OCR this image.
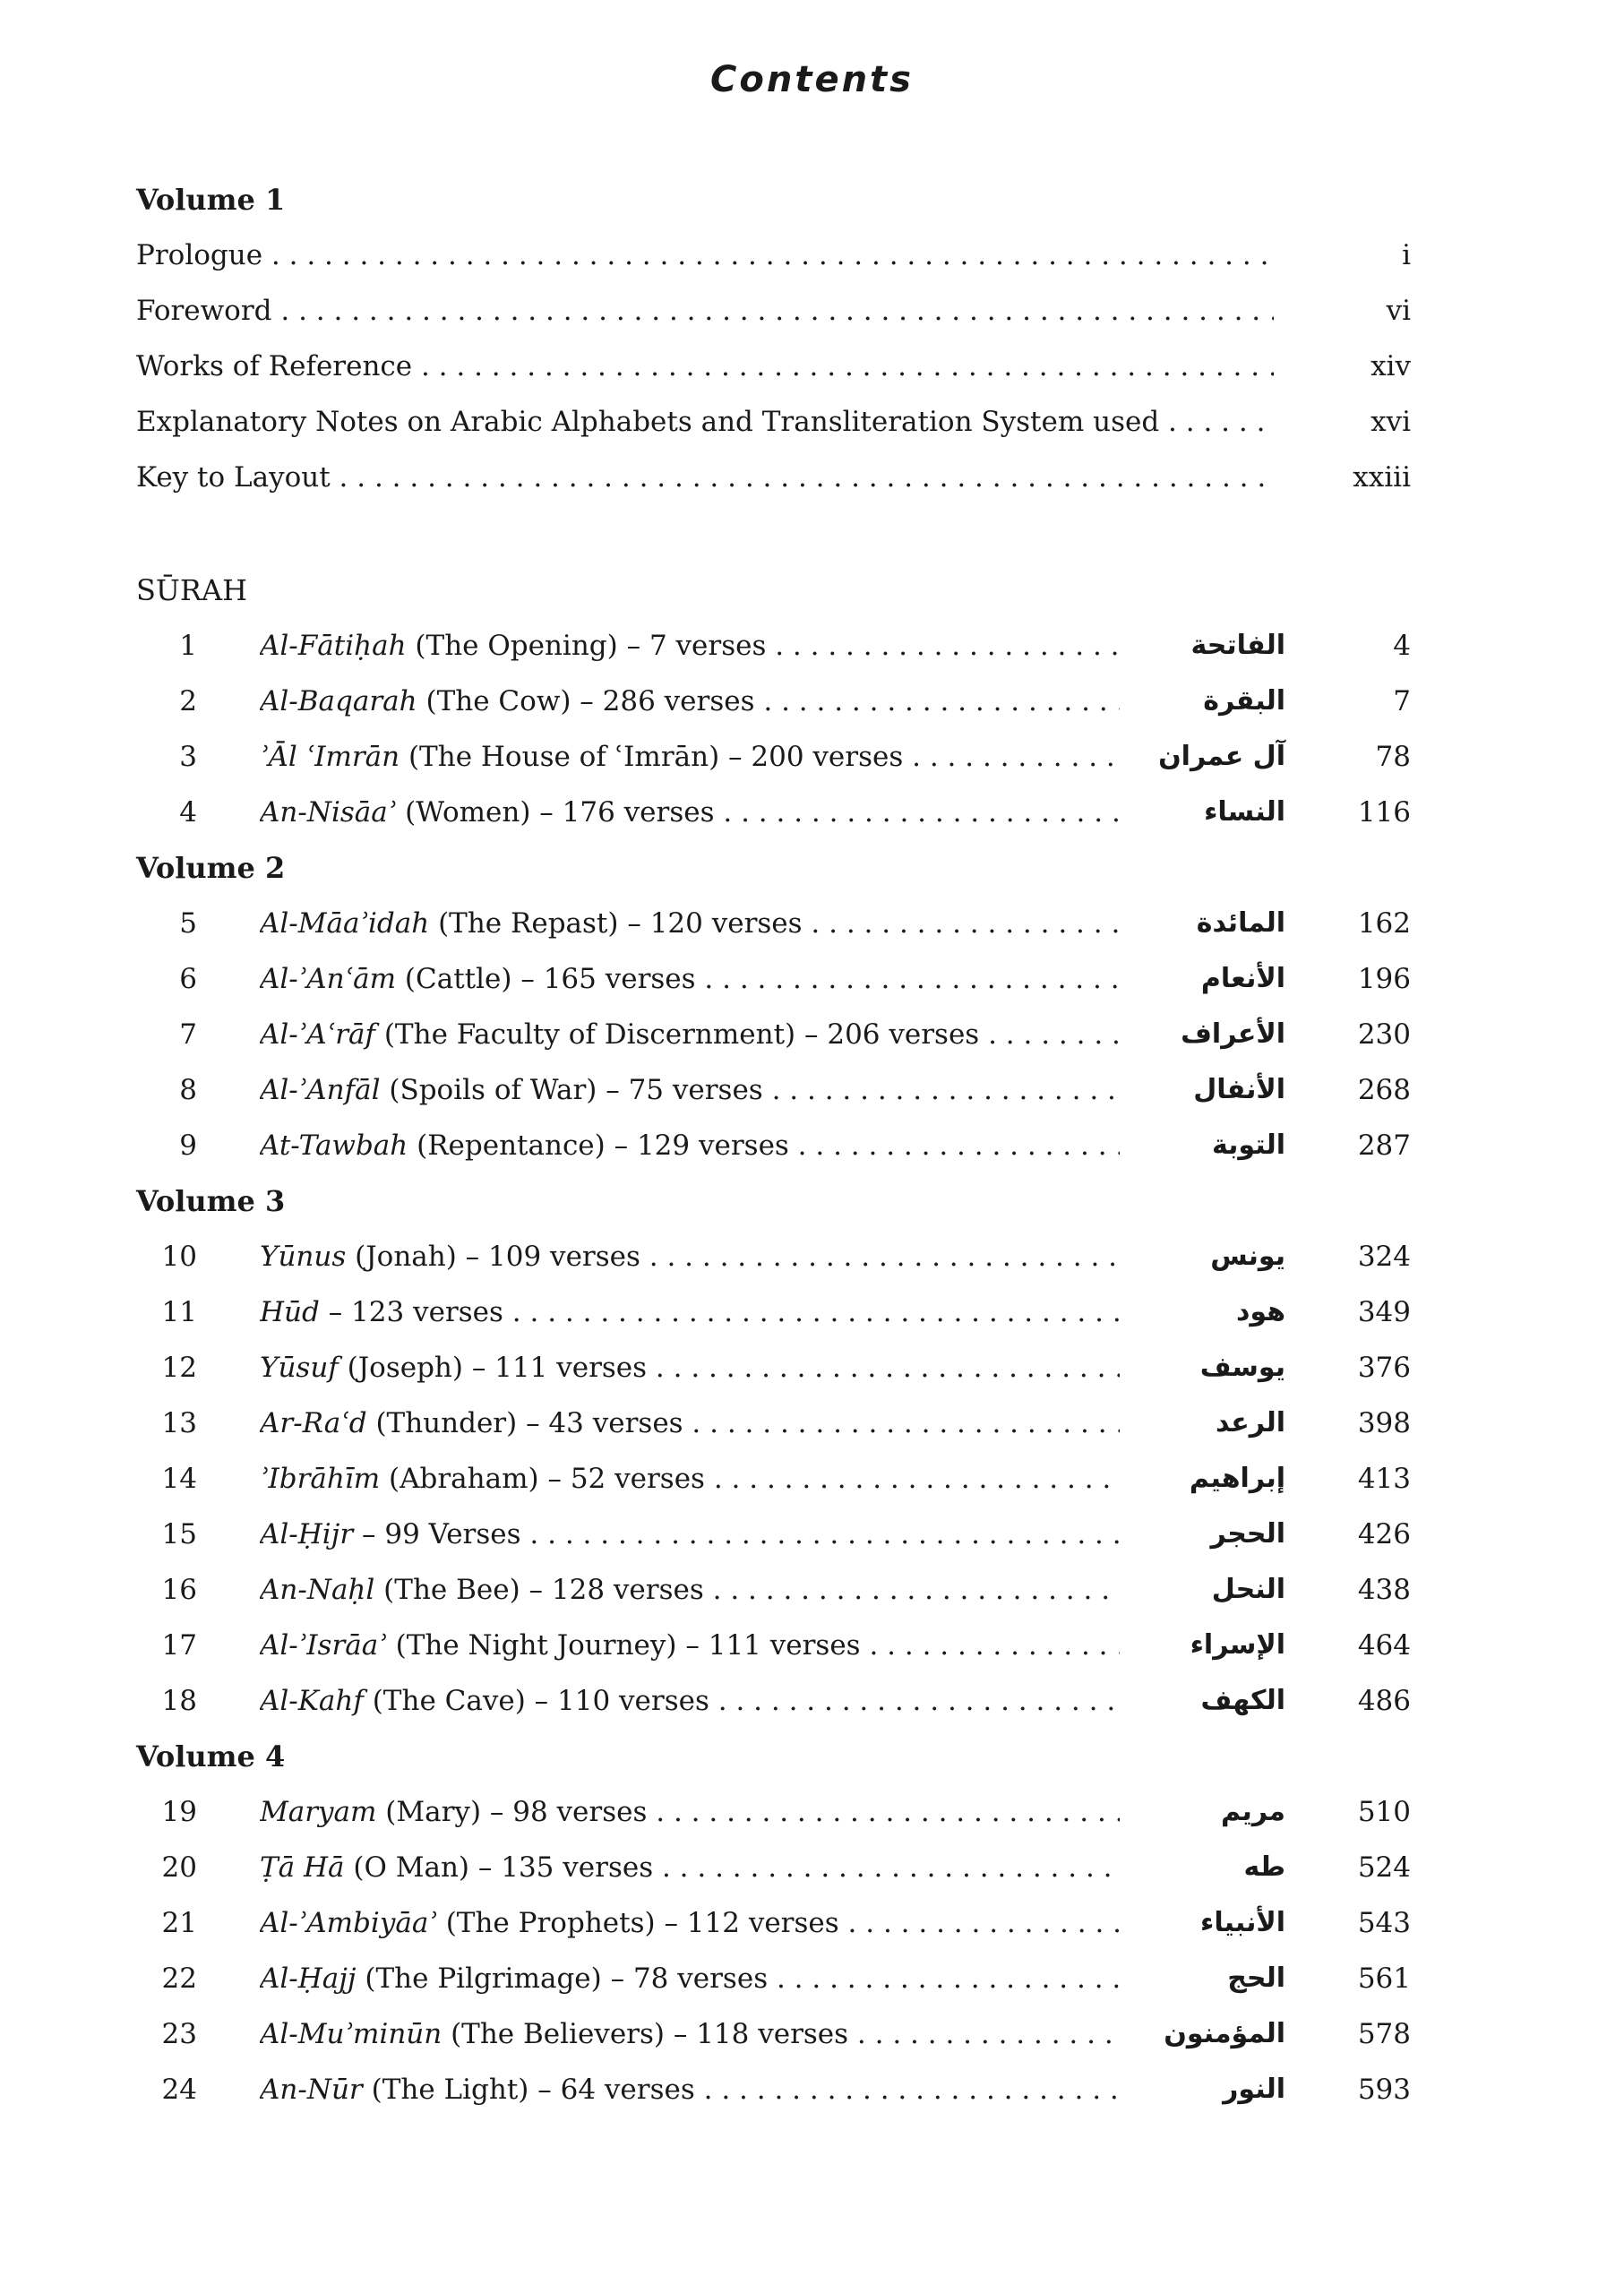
Contents
Volume 1
Prologue . . .	i
Foreword . . .	vi
Works of Reference . . .	xiv
Explanatory Notes on Arabic Alphabets and Transliteration System used . . .	xvi
Key to Layout . . .	xxiii
SŪRAH
1 Al-Fātiḥah (The Opening) – 7 verses . . .	الفاتحة	4
2 Al-Baqarah (The Cow) – 286 verses . . .	البقرة	7
3 ʾĀl ʿImrān (The House of ʿImrān) – 200 verses . . .	آل عمران	78
4 An-Nisāaʾ (Women) – 176 verses . . .	النساء	116
Volume 2
5 Al-Māaʾidah (The Repast) – 120 verses . . .	المائدة	162
6 Al-ʾAnʿām (Cattle) – 165 verses . . .	الأنعام	196
7 Al-ʾAʿrāf (The Faculty of Discernment) – 206 verses . . .	الأعراف	230
8 Al-ʾAnfāl (Spoils of War) – 75 verses . . .	الأنفال	268
9 At-Tawbah (Repentance) – 129 verses . . .	التوبة	287
Volume 3
10 Yūnus (Jonah) – 109 verses . . .	يونس	324
11 Hūd – 123 verses . . .	هود	349
12 Yūsuf (Joseph) – 111 verses . . .	يوسف	376
13 Ar-Raʿd (Thunder) – 43 verses . . .	الرعد	398
14 ʾIbrāhīm (Abraham) – 52 verses . . .	إبراهيم	413
15 Al-Ḥijr – 99 Verses . . .	الحجر	426
16 An-Naḥl (The Bee) – 128 verses . . .	النحل	438
17 Al-ʾIsrāaʾ (The Night Journey) – 111 verses . . .	الإسراء	464
18 Al-Kahf (The Cave) – 110 verses . . .	الكهف	486
Volume 4
19 Maryam (Mary) – 98 verses . . .	مريم	510
20 Ṭā Hā (O Man) – 135 verses . . .	طه	524
21 Al-ʾAmbiyāaʾ (The Prophets) – 112 verses . . .	الأنبياء	543
22 Al-Ḥajj (The Pilgrimage) – 78 verses . . .	الحج	561
23 Al-Muʾminūn (The Believers) – 118 verses . . .	المؤمنون	578
24 An-Nūr (The Light) – 64 verses . . .	النور	593
